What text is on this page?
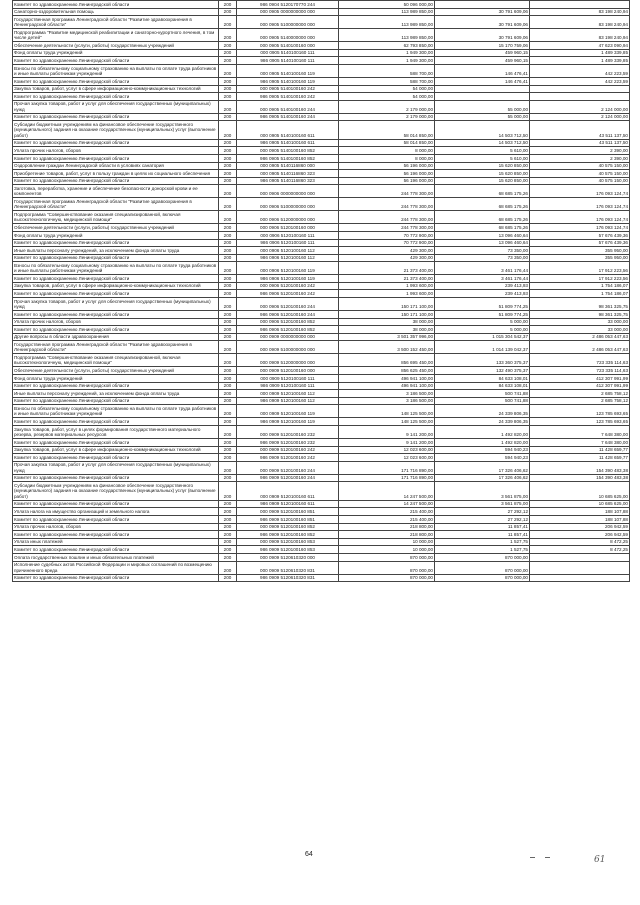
Комитет по здравоохранению Ленинградской области	200	986 0904 5120170770 244	50 096 000,00		
Санаторно-оздоровительная помощь	200	000 0905 0000000000 000	113 989 850,00	30 791 609,06	83 198 240,94
Государственная программа Ленинградской области "Развитие здравоохранения в Ленинградской области"	200	000 0905 5100000000 000	113 989 850,00	30 791 609,06	83 198 240,94
Подпрограмма "Развитие медицинской реабилитации и санаторно-курортного лечения, в том числе детей"	200	000 0905 5140000000 000	113 989 850,00	30 791 609,06	83 198 240,94
Обеспечение деятельности (услуги, работы) государственных учреждений	200	000 0905 5140100160 000	62 793 850,00	15 170 759,06	47 623 090,94
Фонд оплаты труда учреждений	200	000 0905 5140100160 111	1 949 300,00	459 960,15	1 489 339,85
Комитет по здравоохранению Ленинградской области	200	986 0905 5140100160 111	1 949 300,00	459 960,15	1 489 339,85
Взносы по обязательному социальному страхованию на выплаты по оплате труда работников и иные выплаты работникам учреждений	200	000 0905 5140100160 119	588 700,00	146 476,41	442 223,59
Комитет по здравоохранению Ленинградской области	200	986 0905 5140100160 119	588 700,00	146 476,41	442 223,59
Закупка товаров, работ, услуг в сфере информационно-коммуникационных технологий	200	000 0905 5140100160 242	54 000,00		
Комитет по здравоохранению Ленинградской области	200	986 0905 5140100160 242	54 000,00		
Прочая закупка товаров, работ и услуг для обеспечения государственных (муниципальных) нужд	200	000 0905 5140100160 244	2 179 000,00	55 000,00	2 124 000,00
Комитет по здравоохранению Ленинградской области	200	986 0905 5140100160 244	2 179 000,00	55 000,00	2 124 000,00
Субсидии бюджетным учреждениям на финансовое обеспечение государственного (муниципального) задания на оказание государственных (муниципальных) услуг (выполнение работ)	200	000 0905 5140100160 611	58 014 850,00	14 503 712,50	43 511 137,50
Комитет по здравоохранению Ленинградской области	200	986 0905 5140100160 611	58 014 850,00	14 503 712,50	43 511 137,50
Уплата прочих налогов, сборов	200	000 0905 5140100160 852	8 000,00	5 610,00	2 390,00
Комитет по здравоохранению Ленинградской области	200	986 0905 5140100160 852	8 000,00	5 610,00	2 390,00
Оздоровление граждан Ленинградской области в условиях санатория	200	000 0905 5140116860 000	56 196 000,00	15 620 850,00	40 575 150,00
Приобретение товаров, работ, услуг в пользу граждан в целях их социального обеспечения	200	000 0905 5140116860 323	56 196 000,00	15 620 850,00	40 575 150,00
Комитет по здравоохранению Ленинградской области	200	986 0905 5140116860 323	56 196 000,00	15 620 850,00	40 575 150,00
Заготовка, переработка, хранение и обеспечение безопасности донорской крови и ее компонентов	200	000 0906 0000000000 000	244 778 300,00	68 685 175,26	176 093 124,74
Государственная программа Ленинградской области "Развитие здравоохранения в Ленинградской области"	200	000 0906 5100000000 000	244 778 300,00	68 685 175,26	176 093 124,74
Подпрограмма "Совершенствование оказания специализированной, включая высокотехнологичную, медицинской помощи"	200	000 0906 5120000000 000	244 778 300,00	68 685 175,26	176 093 124,74
Обеспечение деятельности (услуги, работы) государственных учреждений	200	000 0906 5120100160 000	244 778 300,00	68 685 175,26	176 093 124,74
Фонд оплаты труда учреждений	200	000 0906 5120100160 111	70 772 900,00	13 096 460,64	57 676 439,36
Комитет по здравоохранению Ленинградской области	200	986 0906 5120100160 111	70 772 900,00	13 096 460,64	57 676 439,36
Иные выплаты персоналу учреждений, за исключением фонда оплаты труда	200	000 0906 5120100160 112	429 300,00	73 350,00	355 950,00
Комитет по здравоохранению Ленинградской области	200	986 0906 5120100160 112	429 300,00	73 350,00	355 950,00
Взносы по обязательному социальному страхованию на выплаты по оплате труда работников и иные выплаты работникам учреждений	200	000 0906 5120100160 119	21 373 400,00	3 461 176,44	17 912 223,56
Комитет по здравоохранению Ленинградской области	200	986 0906 5120100160 119	21 373 400,00	3 461 176,44	17 912 223,56
Закупка товаров, работ, услуг в сфере информационно-коммуникационных технологий	200	000 0906 5120100160 242	1 993 600,00	239 413,93	1 754 186,07
Комитет по здравоохранению Ленинградской области	200	986 0906 5120100160 242	1 993 600,00	239 413,93	1 754 186,07
Прочая закупка товаров, работ и услуг для обеспечения государственных (муниципальных) нужд	200	000 0906 5120100160 244	150 171 100,00	51 809 774,25	98 361 325,75
Комитет по здравоохранению Ленинградской области	200	986 0906 5120100160 244	150 171 100,00	51 809 774,25	98 361 325,75
Уплата прочих налогов, сборов	200	000 0906 5120100160 852	38 000,00	5 000,00	33 000,00
Комитет по здравоохранению Ленинградской области	200	986 0906 5120100160 852	38 000,00	5 000,00	33 000,00
Другие вопросы в области здравоохранения	200	000 0909 0000000000 000	3 501 357 996,00	1 015 304 542,37	2 486 053 447,63
Государственная программа Ленинградской области "Развитие здравоохранения в Ленинградской области"	200	000 0909 5100000000 000	3 500 152 450,00	1 014 139 042,37	2 486 053 447,63
Подпрограмма "Совершенствование оказания специализированной, включая высокотехнологичную, медицинской помощи"	200	000 0909 5120000000 000	856 695 450,00	133 360 375,37	723 335 114,63
Обеспечение деятельности (услуги, работы) государственных учреждений	200	000 0909 5120100160 000	856 625 450,00	132 490 375,37	723 335 114,63
Фонд оплаты труда учреждений	200	000 0909 5120100160 111	496 941 100,00	84 633 108,01	412 307 991,99
Комитет по здравоохранению Ленинградской области	200	986 0909 5120100160 111	496 941 100,00	84 633 108,01	412 307 991,99
Иные выплаты персоналу учреждений, за исключением фонда оплаты труда	200	000 0909 5120100160 112	3 186 500,00	500 741,88	2 685 758,12
Комитет по здравоохранению Ленинградской области	200	986 0909 5120100160 112	3 186 500,00	500 741,88	2 685 758,12
Взносы по обязательному социальному страхованию на выплаты по оплате труда работников и иные выплаты работникам учреждений	200	000 0909 5120100160 119	148 125 500,00	24 339 806,35	123 785 693,65
Комитет по здравоохранению Ленинградской области	200	986 0909 5120100160 119	148 125 500,00	24 339 806,35	123 785 693,65
Закупка товаров, работ, услуг в целях формирования государственного материального резерва, резервов материальных ресурсов	200	000 0909 5120100160 232	9 141 200,00	1 492 820,00	7 648 380,00
Комитет по здравоохранению Ленинградской области	200	986 0909 5120100160 232	9 141 200,00	1 492 820,00	7 648 380,00
Закупка товаров, работ, услуг в сфере информационно-коммуникационных технологий	200	000 0909 5120100160 242	12 023 600,00	594 940,23	11 428 659,77
Комитет по здравоохранению Ленинградской области	200	986 0909 5120100160 242	12 023 600,00	594 940,23	11 428 659,77
Прочая закупка товаров, работ и услуг для обеспечения государственных (муниципальных) нужд	200	000 0909 5120100160 244	171 716 890,00	17 326 406,62	154 390 483,38
Комитет по здравоохранению Ленинградской области	200	986 0909 5120100160 244	171 716 890,00	17 326 406,62	154 390 483,38
Субсидии бюджетным учреждениям на финансовое обеспечение государственного (муниципального) задания на оказание государственных (муниципальных) услуг (выполнение работ)	200	000 0909 5120100160 611	14 247 500,00	3 561 875,00	10 685 625,00
Комитет по здравоохранению Ленинградской области	200	986 0909 5120100160 611	14 247 500,00	3 561 875,00	10 685 625,00
Уплата налога на имущество организаций и земельного налога	200	000 0909 5120100160 851	215 400,00	27 292,12	188 107,88
Комитет по здравоохранению Ленинградской области	200	986 0909 5120100160 851	215 400,00	27 292,12	188 107,88
Уплата прочих налогов, сборов	200	000 0909 5120100160 852	218 800,00	11 857,41	206 942,59
Комитет по здравоохранению Ленинградской области	200	986 0909 5120100160 852	218 800,00	11 857,41	206 942,59
Уплата иных платежей	200	000 0909 5120100160 853	10 000,00	1 527,75	8 472,25
Комитет по здравоохранению Ленинградской области	200	986 0909 5120100160 853	10 000,00	1 527,75	8 472,25
Оплата государственных пошлин и иных обязательных платежей	200	000 0909 5120610320 000	870 000,00	870 000,00	
Исполнение судебных актов Российской Федерации и мировых соглашений по возмещению причиненного вреда	200	000 0909 5120610320 831	870 000,00	870 000,00	
Комитет по здравоохранению Ленинградской области	200	986 0909 5120610320 831	870 000,00	870 000,00	
64
61
